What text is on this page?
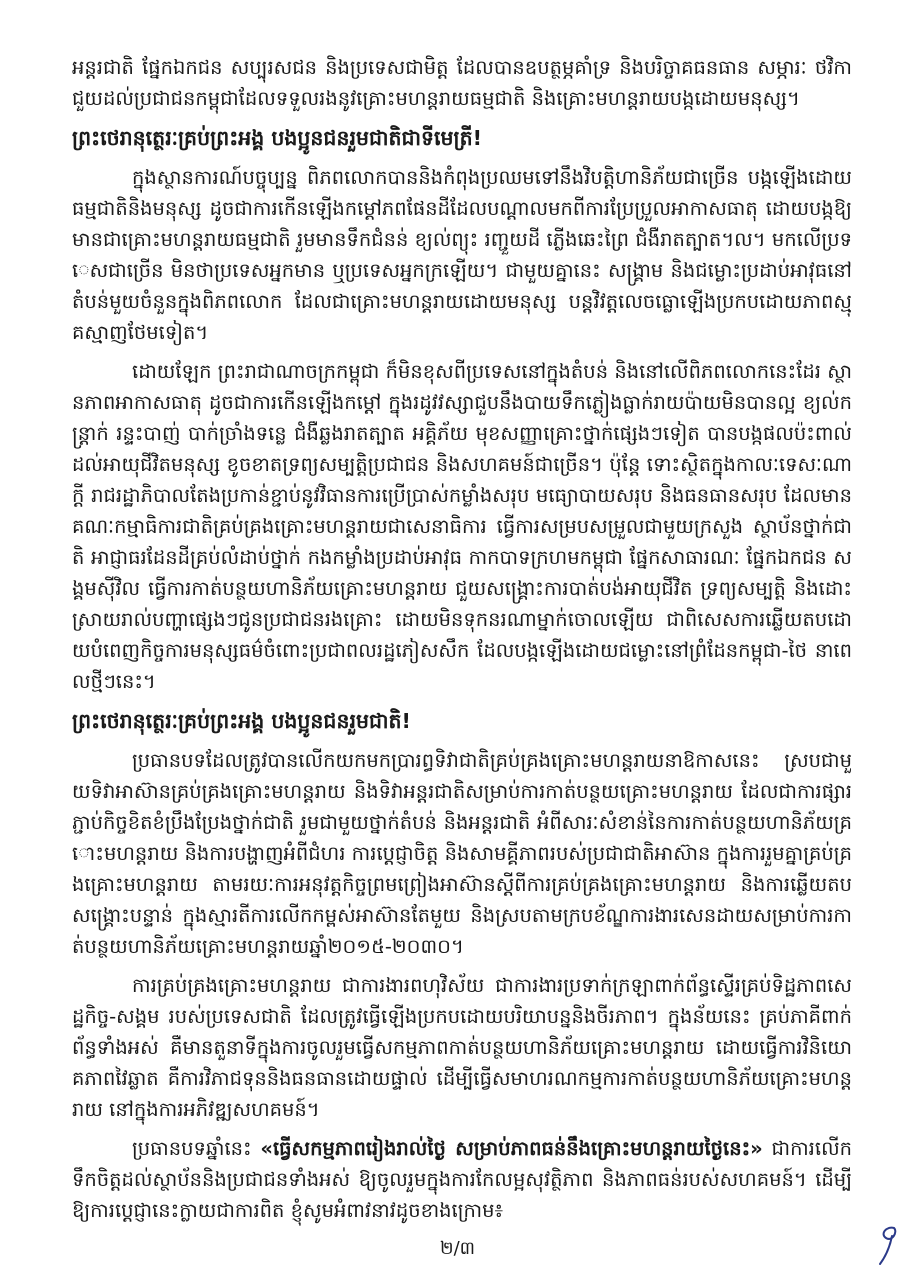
អន្តរជាតិ ផ្នែកឯកជន សប្បុរសជន និងប្រទេសជាមិត្ត ដែលបានឧបត្ថម្ភគាំទ្រ និងបរិច្ចាគធនធាន សម្ភារៈ ថវិកា ជួយដល់ប្រជាជនកម្ពុជាដែលទទួលរងនូវគ្រោះមហន្តរាយធម្មជាតិ និងគ្រោះមហន្តរាយបង្កដោយមនុស្ស។

ព្រះថេរានុត្ថេរៈគ្រប់ព្រះអង្គ បងប្អូនជនរួមជាតិជាទីមេត្រី!

ក្នុងស្ថានការណ៍បច្ចុប្បន្ន ពិភពលោកបាននិងកំពុងប្រឈមទៅនឹងវិបត្តិហានិភ័យជាច្រើន បង្កឡើងដោយធម្មជាតិនិងមនុស្ស ដូចជាការកើនឡើងកម្តៅភពផែនដីដែលបណ្តាលមកពីការប្រែប្រួលអាកាសធាតុ ដោយបង្កឱ្យមានជាគ្រោះមហន្តរាយធម្មជាតិ រួមមានទឹកជំនន់ ខ្យល់ព្យុះ រញ្ជួយដី ភ្លើងឆេះព្រៃ ជំងឺរាតត្បាត។ល។ មកលើប្រទេសជាច្រើន មិនថាប្រទេសអ្នកមាន ឬប្រទេសអ្នកក្រឡើយ។ ជាមួយគ្នានេះ សង្គ្រាម និងជម្លោះប្រដាប់អាវុធនៅតំបន់មួយចំនួនក្នុងពិភពលោក ដែលជាគ្រោះមហន្តរាយដោយមនុស្ស បន្តវិវត្តលេចធ្លោឡើងប្រកបដោយភាពស្មុគស្មាញថែមទៀត។

ដោយឡែក ព្រះរាជាណាចក្រកម្ពុជា ក៏មិនខុសពីប្រទេសនៅក្នុងតំបន់ និងនៅលើពិភពលោកនេះដែរ ស្ថានភាពអាកាសធាតុ ដូចជាការកើនឡើងកម្តៅ ក្នុងរដូវវស្សាជួបនឹងបាយទឹកភ្លៀងធ្លាក់រាយប៉ាយមិនបានល្អ ខ្យល់កន្ត្រាក់ រន្ទះបាញ់ បាក់ច្រាំងទន្លេ ជំងឺឆ្លងរាតត្បាត អគ្គិភ័យ មុខសញ្ញាគ្រោះថ្នាក់ផ្សេងៗទៀត បានបង្កផលប៉ះពាល់ដល់អាយុជីវិតមនុស្ស ខូចខាតទ្រព្យសម្បត្តិប្រជាជន និងសហគមន៍ជាច្រើន។ ប៉ុន្តែ ទោះស្ថិតក្នុងកាលៈទេសៈណាក្តី រាជរដ្ឋាភិបាលតែងប្រកាន់ខ្ជាប់នូវវិធានការប្រើប្រាស់កម្លាំងសរុប មធ្យោបាយសរុប និងធនធានសរុប ដែលមានគណៈកម្មាធិការជាតិគ្រប់គ្រងគ្រោះមហន្តរាយជាសេនាធិការ ធ្វើការសម្របសម្រួលជាមួយក្រសួង ស្ថាប័នថ្នាក់ជាតិ អាជ្ញាធរដែនដីគ្រប់លំដាប់ថ្នាក់ កងកម្លាំងប្រដាប់អាវុធ កាកបាទក្រហមកម្ពុជា ផ្នែកសាធារណៈ ផ្នែកឯកជន សង្គមស៊ីវិល ធ្វើការកាត់បន្ថយហានិភ័យគ្រោះមហន្តរាយ ជួយសង្គ្រោះការបាត់បង់អាយុជីវិត ទ្រព្យសម្បត្តិ និងដោះស្រាយរាល់បញ្ហាផ្សេងៗជូនប្រជាជនរងគ្រោះ ដោយមិនទុកនរណាម្នាក់ចោលឡើយ ជាពិសេសការឆ្លើយតបដោយបំពេញកិច្ចការមនុស្សធម៌ចំពោះប្រជាពលរដ្ឋភៀសសឹក ដែលបង្កឡើងដោយជម្លោះនៅព្រំដែនកម្ពុជា-ថៃ នាពេលថ្មីៗនេះ។

ព្រះថេរានុត្ថេរៈគ្រប់ព្រះអង្គ បងប្អូនជនរួមជាតិ!

ប្រធានបទដែលត្រូវបានលើកយកមកប្រារព្ធទិវាជាតិគ្រប់គ្រងគ្រោះមហន្តរាយនាឱកាសនេះ ស្របជាមួយទិវាអាស៊ានគ្រប់គ្រងគ្រោះមហន្តរាយ និងទិវាអន្តរជាតិសម្រាប់ការកាត់បន្ថយគ្រោះមហន្តរាយ ដែលជាការផ្សារភ្ជាប់កិច្ចខិតខំប្រឹងប្រែងថ្នាក់ជាតិ រួមជាមួយថ្នាក់តំបន់ និងអន្តរជាតិ អំពីសារៈសំខាន់នៃការកាត់បន្ថយហានិភ័យគ្រោះមហន្តរាយ និងការបង្ហាញអំពីជំហរ ការប្តេជ្ញាចិត្ត និងសាមគ្គីភាពរបស់ប្រជាជាតិអាស៊ាន ក្នុងការរួមគ្នាគ្រប់គ្រងគ្រោះមហន្តរាយ តាមរយៈការអនុវត្តកិច្ចព្រមព្រៀងអាស៊ានស្តីពីការគ្រប់គ្រងគ្រោះមហន្តរាយ និងការឆ្លើយតបសង្គ្រោះបន្ទាន់ ក្នុងស្មារតីការលើកកម្ពស់អាស៊ានតែមួយ និងស្របតាមក្របខ័ណ្ឌការងារសេនដាយសម្រាប់ការកាត់បន្ថយហានិភ័យគ្រោះមហន្តរាយឆ្នាំ២០១៥-២០៣០។

ការគ្រប់គ្រងគ្រោះមហន្តរាយ ជាការងារពហុវិស័យ ជាការងារប្រទាក់ក្រឡាពាក់ព័ន្ធស្ទើរគ្រប់ទិដ្ឋភាពសេដ្ឋកិច្ច-សង្គម របស់ប្រទេសជាតិ ដែលត្រូវធ្វើឡើងប្រកបដោយបរិយាបន្ននិងចីរភាព។ ក្នុងន័យនេះ គ្រប់ភាគីពាក់ព័ន្ធទាំងអស់ គឺមានតួនាទីក្នុងការចូលរួមធ្វើសកម្មភាពកាត់បន្ថយហានិភ័យគ្រោះមហន្តរាយ ដោយធ្វើការវិនិយោគភាពវៃឆ្លាត គឺការវិភាជទុននិងធនធានដោយផ្ទាល់ ដើម្បីធ្វើសមាហរណកម្មការកាត់បន្ថយហានិភ័យគ្រោះមហន្តរាយ នៅក្នុងការអភិវឌ្ឍសហគមន៍។

ប្រធានបទឆ្នាំនេះ «ធ្វើសកម្មភាពរៀងរាល់ថ្ងៃ សម្រាប់ភាពធន់នឹងគ្រោះមហន្តរាយថ្ងៃនេះ» ជាការលើកទឹកចិត្តដល់ស្ថាប័ននិងប្រជាជនទាំងអស់ ឱ្យចូលរួមក្នុងការកែលម្អសុវត្ថិភាព និងភាពធន់របស់សហគមន៍។ ដើម្បីឱ្យការប្តេជ្ញានេះក្លាយជាការពិត ខ្ញុំសូមអំពាវនាវដូចខាងក្រោម៖

២/៣
